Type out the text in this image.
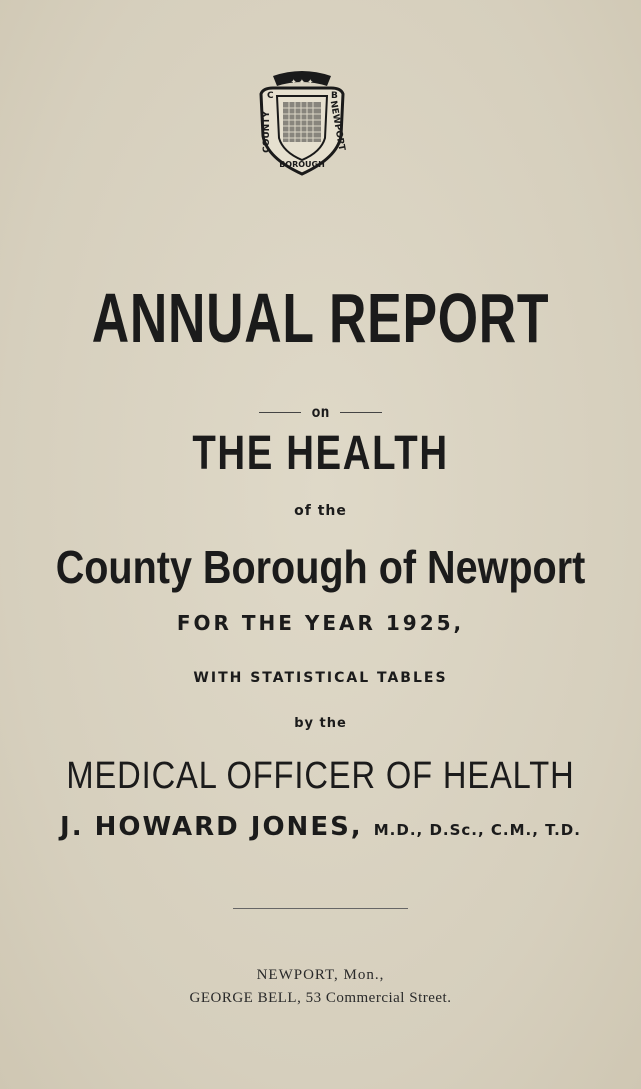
✦ ✦ ✦
C	B
COUNTY	NEWPORT
BOROUGH
ANNUAL REPORT
on
THE HEALTH
of the
County Borough of Newport
FOR THE YEAR 1925,
WITH STATISTICAL TABLES
by the
MEDICAL OFFICER OF HEALTH
J. HOWARD JONES, M.D., D.Sc., C.M., T.D.
NEWPORT, Mon.,
GEORGE BELL, 53 Commercial Street.
